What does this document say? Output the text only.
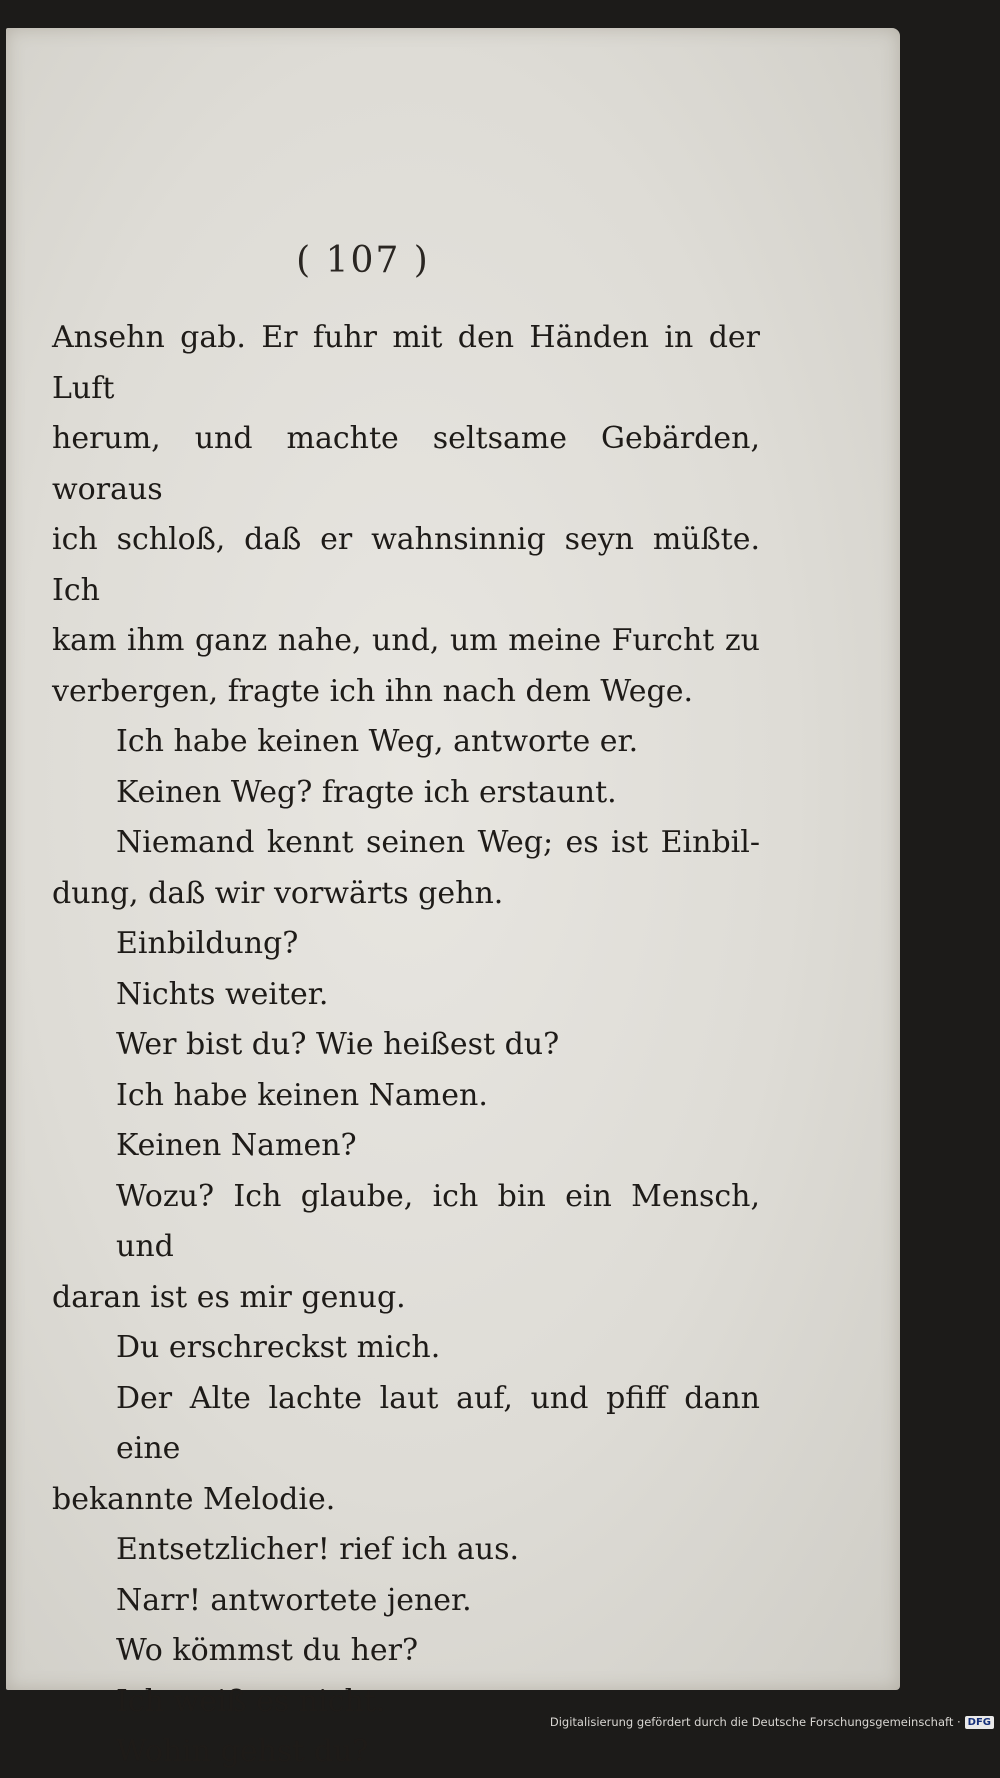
( 107 )

Ansehn gab. Er fuhr mit den Händen in der Luft

herum, und machte seltsame Gebärden, woraus

ich schloß, daß er wahnsinnig seyn müßte. Ich

kam ihm ganz nahe, und, um meine Furcht zu

verbergen, fragte ich ihn nach dem Wege.

Ich habe keinen Weg, antworte er.

Keinen Weg? fragte ich erstaunt.

Niemand kennt seinen Weg; es ist Einbil-

dung, daß wir vorwärts gehn.

Einbildung?

Nichts weiter.

Wer bist du? Wie heißest du?

Ich habe keinen Namen.

Keinen Namen?

Wozu? Ich glaube, ich bin ein Mensch, und

daran ist es mir genug.

Du erschreckst mich.

Der Alte lachte laut auf, und pfiff dann eine

bekannte Melodie.

Entsetzlicher! rief ich aus.

Narr! antwortete jener.

Wo kömmst du her?

Ich weiß es nicht.

Wohin gehst du?

Digitalisierung gefördert durch die Deutsche Forschungsgemeinschaft · DFG
